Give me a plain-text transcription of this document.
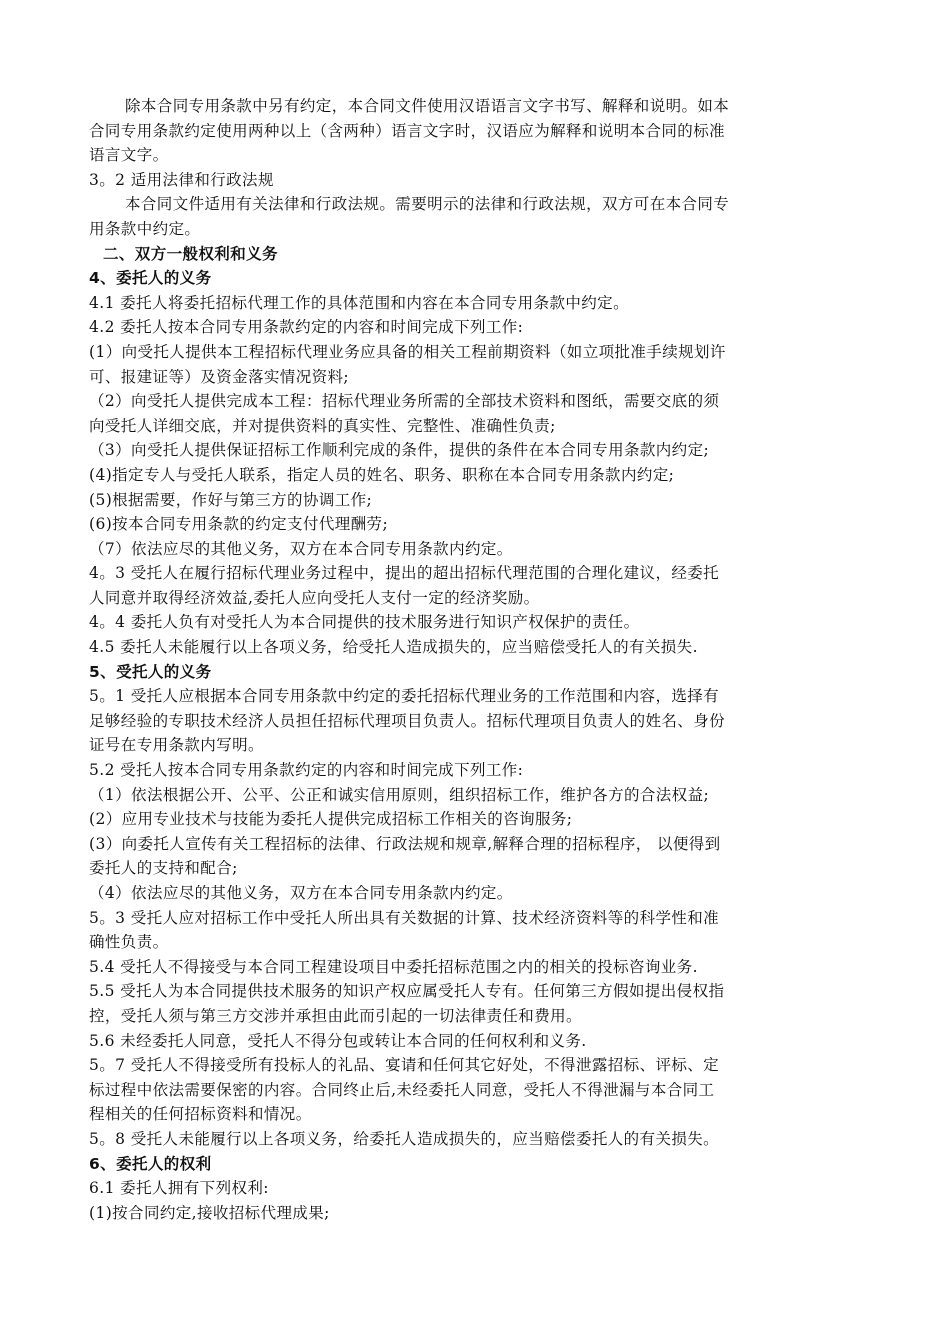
除本合同专用条款中另有约定，本合同文件使用汉语语言文字书写、解释和说明。如本
合同专用条款约定使用两种以上（含两种）语言文字时，汉语应为解释和说明本合同的标准
语言文字。
3。2 适用法律和行政法规
本合同文件适用有关法律和行政法规。需要明示的法律和行政法规，双方可在本合同专
用条款中约定。
二、双方一般权利和义务
4、委托人的义务
4.1 委托人将委托招标代理工作的具体范围和内容在本合同专用条款中约定。
4.2 委托人按本合同专用条款约定的内容和时间完成下列工作:
(1）向受托人提供本工程招标代理业务应具备的相关工程前期资料（如立项批准手续规划许
可、报建证等）及资金落实情况资料;
（2）向受托人提供完成本工程：招标代理业务所需的全部技术资料和图纸，需要交底的须
向受托人详细交底，并对提供资料的真实性、完整性、准确性负责;
（3）向受托人提供保证招标工作顺利完成的条件，提供的条件在本合同专用条款内约定;
(4)指定专人与受托人联系，指定人员的姓名、职务、职称在本合同专用条款内约定;
(5)根据需要，作好与第三方的协调工作;
(6)按本合同专用条款的约定支付代理酬劳;
（7）依法应尽的其他义务，双方在本合同专用条款内约定。
4。3 受托人在履行招标代理业务过程中，提出的超出招标代理范围的合理化建议，经委托
人同意并取得经济效益,委托人应向受托人支付一定的经济奖励。
4。4 委托人负有对受托人为本合同提供的技术服务进行知识产权保护的责任。
4.5 委托人未能履行以上各项义务，给受托人造成损失的，应当赔偿受托人的有关损失.
5、受托人的义务
5。1 受托人应根据本合同专用条款中约定的委托招标代理业务的工作范围和内容，选择有
足够经验的专职技术经济人员担任招标代理项目负责人。招标代理项目负责人的姓名、身份
证号在专用条款内写明。
5.2 受托人按本合同专用条款约定的内容和时间完成下列工作:
（1）依法根据公开、公平、公正和诚实信用原则，组织招标工作，维护各方的合法权益;
(2）应用专业技术与技能为委托人提供完成招标工作相关的咨询服务;
(3）向委托人宣传有关工程招标的法律、行政法规和规章,解释合理的招标程序， 以便得到
委托人的支持和配合;
（4）依法应尽的其他义务，双方在本合同专用条款内约定。
5。3 受托人应对招标工作中受托人所出具有关数据的计算、技术经济资料等的科学性和准
确性负责。
5.4 受托人不得接受与本合同工程建设项目中委托招标范围之内的相关的投标咨询业务.
5.5 受托人为本合同提供技术服务的知识产权应属受托人专有。任何第三方假如提出侵权指
控，受托人须与第三方交涉并承担由此而引起的一切法律责任和费用。
5.6 未经委托人同意，受托人不得分包或转让本合同的任何权利和义务.
5。7 受托人不得接受所有投标人的礼品、宴请和任何其它好处，不得泄露招标、评标、定
标过程中依法需要保密的内容。合同终止后,未经委托人同意，受托人不得泄漏与本合同工
程相关的任何招标资料和情况。
5。8 受托人未能履行以上各项义务，给委托人造成损失的，应当赔偿委托人的有关损失。
6、委托人的权利
6.1 委托人拥有下列权利:
(1)按合同约定,接收招标代理成果;
